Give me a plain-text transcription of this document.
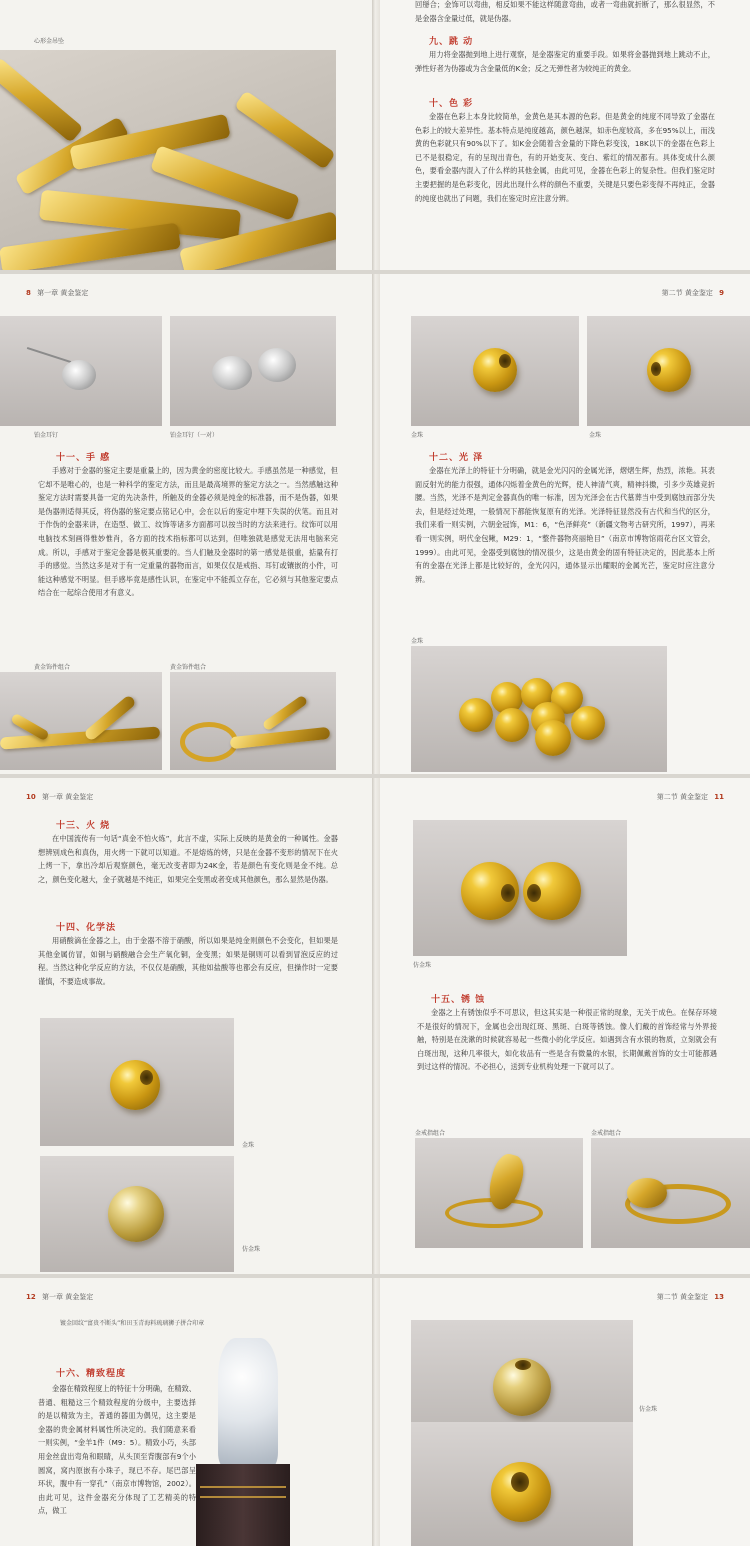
心形金吊坠
回掰合；金饰可以弯曲，相反如果不能这样随意弯曲，或者一弯曲就折断了，那么很显然，不是金器含金量过低，就是伪器。
九、跳 动
用力将金器抛到地上进行观察，是金器鉴定的重要手段。如果将金器抛到地上跳动不止，弹性好者为伪器或为含金量低的K金；反之无弹性者为较纯正的黄金。
十、色 彩
金器在色彩上本身比较简单，金黄色是其本源的色彩。但是黄金的纯度不同导致了金器在色彩上的较大差异性。基本特点是纯度越高，颜色越深，如赤色度较高，多在95%以上，而浅黄的色彩就只有90%以下了。如K金会随着含金量的下降色彩变浅，18K以下的金器在色彩上已不是很稳定，有的呈现出青色，有的开始变灰、变白、紫红的情况都有。具体变成什么颜色，要看金器内混入了什么样的其他金属，由此可见，金器在色彩上的复杂性。但我们鉴定时主要把握的是色彩变化，因此出现什么样的颜色不重要，关键是只要色彩变得不再纯正，金器的纯度也就出了问题，我们在鉴定时应注意分辨。
8 第一章 黄金鉴定
铂金耳钉	铂金耳钉（一对）
十一、手 感
手感对于金器的鉴定主要是重量上的，因为黄金的密度比较大。手感虽然是一种感觉，但它却不是唯心的，也是一种科学的鉴定方法，而且是最高境界的鉴定方法之一。当然感触这种鉴定方法时需要具备一定的先决条件，所触及的金器必须是纯金的标准器，而不是伪器，如果是伪器则适得其反，将伪器的鉴定要点铭记心中，会在以后的鉴定中埋下失误的伏笔。而且对于作伪的金器来讲，在造型、做工、纹饰等诸多方面都可以按当时的方法来进行。纹饰可以用电脑技术刻画得惟妙惟肖，各方面的技术指标都可以达到，但唯独就是感觉无法用电脑来完成。所以，手感对于鉴定金器是极其重要的。当人们触及金器时的第一感觉是很重，掂量有打手的感觉。当然这多是对于有一定重量的器物而言，如果仅仅是戒指、耳钉或镶嵌的小件，可能这种感觉不明显。但手感毕竟是感性认识，在鉴定中不能孤立存在，它必须与其他鉴定要点结合在一起综合使用才有意义。
黄金饰件组合	黄金饰件组合
第二节 黄金鉴定 9
金珠	金珠
十二、光 泽
金器在光泽上的特征十分明确，就是金光闪闪的金属光泽，熠熠生辉，热烈，浓艳。其表面反射光的能力很强，通体闪烁着金黄色的光辉，使人神清气爽，精神抖擞，引多少英雄竞折腰。当然，光泽不是判定金器真伪的唯一标准，因为光泽会在古代墓葬当中受到腐蚀而部分失去，但是经过处理，一般情况下都能恢复原有的光泽。光泽特征显然没有古代和当代的区分，我们来看一则实例，六朝金冠饰，M1：6，“色泽鲜亮”（新疆文物考古研究所，1997），再来看一则实例，明代金包鳅，M29：1，“整件器物亮丽艳目”（南京市博物馆雨花台区文管会，1999）。由此可见，金器受到腐蚀的情况很少，这是由黄金的固有特征决定的，因此基本上所有的金器在光泽上都是比较好的，金光闪闪，通体显示出耀眼的金属光芒，鉴定时应注意分辨。
金珠
10 第一章 黄金鉴定
十三、火 烧
在中国流传有一句话“真金不怕火炼”，此言不虚，实际上反映的是黄金的一种属性。金器想辨别成色和真伪，用火烤一下就可以知道。不是熔炼的烤，只是在金器不变形的情况下在火上烤一下，拿出冷却后观察颜色，毫无改变者即为24K金，若是颜色有变化则是金不纯。总之，颜色变化越大，金子就越是不纯正，如果完全变黑或者变成其他颜色，那么显然是伪器。
十四、化学法
用硝酸滴在金器之上，由于金器不溶于硝酸，所以如果是纯金则颜色不会变化，但如果是其他金属仿冒，如铜与硝酸融合会生产氧化铜，金变黑；如果是铜则可以看到冒泡反应的过程。当然这种化学反应的方法，不仅仅是硝酸，其他如盐酸等也都会有反应，但操作时一定要谨慎，不要造成事故。
金珠
仿金珠
第二节 黄金鉴定 11
仿金珠
十五、锈 蚀
金器之上有锈蚀似乎不可思议，但这其实是一种很正常的现象，无关于成色。在保存环境不是很好的情况下，金属也会出现红斑、黑斑、白斑等锈蚀。像人们戴的首饰经常与外界接触，特别是在洗漱的时候就容易起一些微小的化学反应。如遇到含有水银的物质，立刻就会有白斑出现，这种几率很大，如化妆品有一些是含有微量的水银，长期佩戴首饰的女士可能都遇到过这样的情况。不必担心，送到专业机构处理一下就可以了。
金戒指组合	金戒指组合
12 第一章 黄金鉴定
镀金回纹“富贵不断头”和田玉青海料琉璃狮子拼合印章
十六、精致程度
金器在精致程度上的特征十分明确，在精致、普通、粗糙这三个精致程度的分级中，主要选择的是以精致为主，普通的器皿为偶见，这主要是金器的贵金属材料属性所决定的。我们随意来看一则实例，“金羊1件（M9：5）。精致小巧，头部用金丝盘出弯角和眼睛，从头顶至背腹部有9个小圆窝，窝内原嵌有小珠子，现已不存。尾巴部呈环状，腹中有一穿孔”（南京市博物馆，2002）。由此可见，这件金器充分体现了工艺精美的特点，做工
第二节 黄金鉴定 13
仿金珠
